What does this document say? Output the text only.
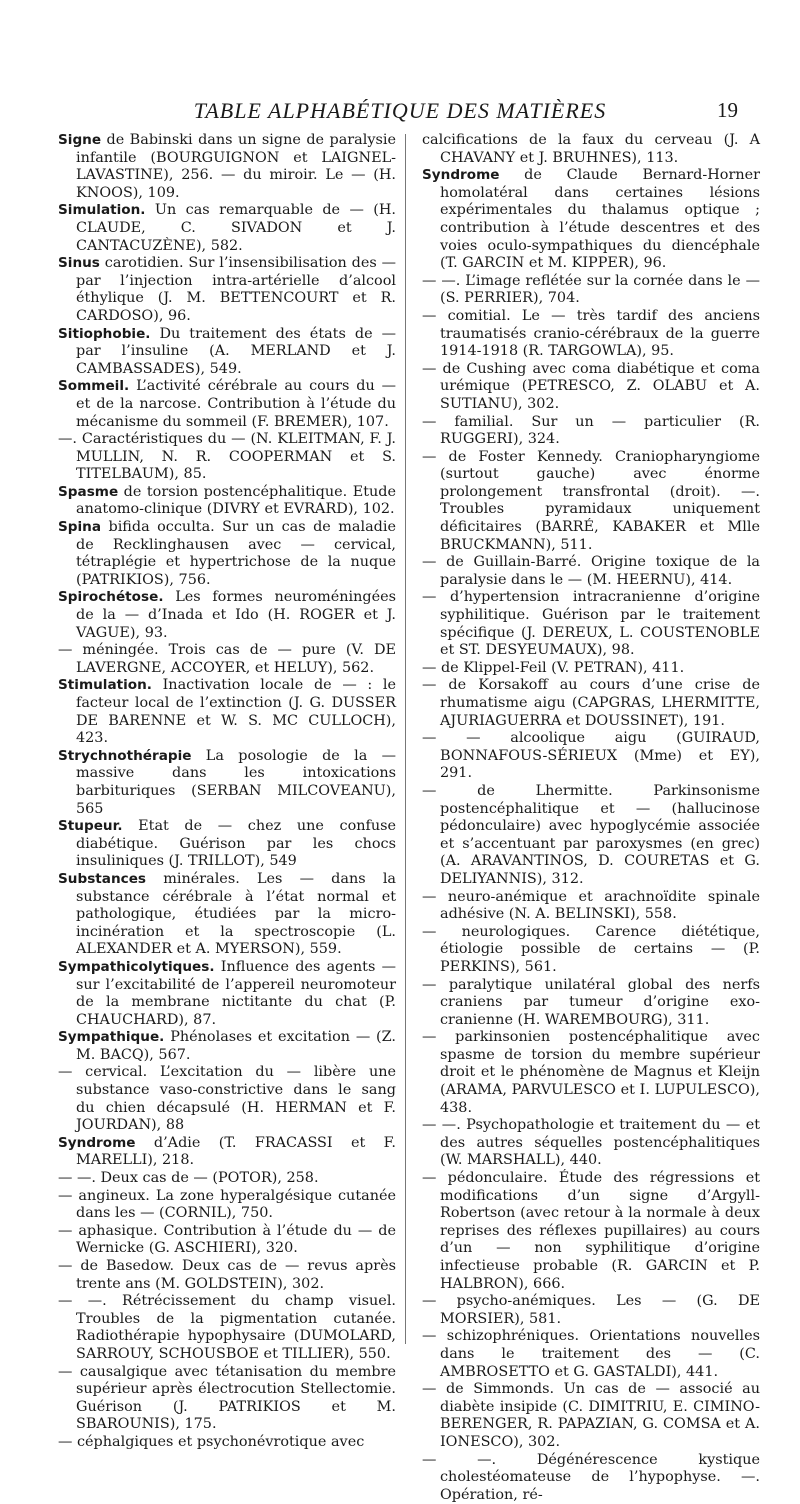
TABLE ALPHABÉTIQUE DES MATIÈRES	19

Signe de Babinski dans un signe de paralysie infantile (BOURGUIGNON et LAIGNEL-LAVASTINE), 256. — du miroir. Le — (H. KNOOS), 109.

Simulation. Un cas remarquable de — (H. CLAUDE, C. SIVADON et J. CANTACUZÈNE), 582.

Sinus carotidien. Sur l’insensibilisation des — par l’injection intra-artérielle d’alcool éthylique (J. M. BETTENCOURT et R. CARDOSO), 96.

Sitiophobie. Du traitement des états de — par l’insuline (A. MERLAND et J. CAMBASSADES), 549.

Sommeil. L’activité cérébrale au cours du — et de la narcose. Contribution à l’étude du mécanisme du sommeil (F. BREMER), 107.

—. Caractéristiques du — (N. KLEITMAN, F. J. MULLIN, N. R. COOPERMAN et S. TITELBAUM), 85.

Spasme de torsion postencéphalitique. Etude anatomo-clinique (DIVRY et EVRARD), 102.

Spina bifida occulta. Sur un cas de maladie de Recklinghausen avec — cervical, tétraplégie et hypertrichose de la nuque (PATRIKIOS), 756.

Spirochétose. Les formes neuroméningées de la — d’Inada et Ido (H. ROGER et J. VAGUE), 93.

— méningée. Trois cas de — pure (V. DE LAVERGNE, ACCOYER, et HELUY), 562.

Stimulation. Inactivation locale de — : le facteur local de l’extinction (J. G. DUSSER DE BARENNE et W. S. MC CULLOCH), 423.

Strychnothérapie La posologie de la — massive dans les intoxications barbituriques (SERBAN MILCOVEANU), 565

Stupeur. Etat de — chez une confuse diabétique. Guérison par les chocs insuliniques (J. TRILLOT), 549

Substances minérales. Les — dans la substance cérébrale à l’état normal et pathologique, étudiées par la micro-incinération et la spectroscopie (L. ALEXANDER et A. MYERSON), 559.

Sympathicolytiques. Influence des agents — sur l’excitabilité de l’appereil neuromoteur de la membrane nictitante du chat (P. CHAUCHARD), 87.

Sympathique. Phénolases et excitation — (Z. M. BACQ), 567.

— cervical. L’excitation du — libère une substance vaso-constrictive dans le sang du chien décapsulé (H. HERMAN et F. JOURDAN), 88

Syndrome d’Adie (T. FRACASSI et F. MARELLI), 218.

— —. Deux cas de — (POTOR), 258.

— angineux. La zone hyperalgésique cutanée dans les — (CORNIL), 750.

— aphasique. Contribution à l’étude du — de Wernicke (G. ASCHIERI), 320.

— de Basedow. Deux cas de — revus après trente ans (M. GOLDSTEIN), 302.

— —. Rétrécissement du champ visuel. Troubles de la pigmentation cutanée. Radiothérapie hypophysaire (DUMOLARD, SARROUY, SCHOUSBOE et TILLIER), 550.

— causalgique avec tétanisation du membre supérieur après électrocution Stellectomie. Guérison (J. PATRIKIOS et M. SBAROUNIS), 175.

— céphalgiques et psychonévrotique avec

calcifications de la faux du cerveau (J. A CHAVANY et J. BRUHNES), 113.

Syndrome de Claude Bernard-Horner homolatéral dans certaines lésions expérimentales du thalamus optique ; contribution à l’étude descentres et des voies oculo-sympathiques du diencéphale (T. GARCIN et M. KIPPER), 96.

— —. L’image reflétée sur la cornée dans le — (S. PERRIER), 704.

— comitial. Le — très tardif des anciens traumatisés cranio-cérébraux de la guerre 1914-1918 (R. TARGOWLA), 95.

— de Cushing avec coma diabétique et coma urémique (PETRESCO, Z. OLABU et A. SUTIANU), 302.

— familial. Sur un — particulier (R. RUGGERI), 324.

— de Foster Kennedy. Craniopharyngiome (surtout gauche) avec énorme prolongement transfrontal (droit). —. Troubles pyramidaux uniquement déficitaires (BARRÉ, KABAKER et Mlle BRUCKMANN), 511.

— de Guillain-Barré. Origine toxique de la paralysie dans le — (M. HEERNU), 414.

— d’hypertension intracranienne d’origine syphilitique. Guérison par le traitement spécifique (J. DEREUX, L. COUSTENOBLE et ST. DESYEUMAUX), 98.

— de Klippel-Feil (V. PETRAN), 411.

— de Korsakoff au cours d’une crise de rhumatisme aigu (CAPGRAS, LHERMITTE, AJURIAGUERRA et DOUSSINET), 191.

— — alcoolique aigu (GUIRAUD, BONNAFOUS-SÉRIEUX (Mme) et EY), 291.

— de Lhermitte. Parkinsonisme postencéphalitique et — (hallucinose pédonculaire) avec hypoglycémie associée et s’accentuant par paroxysmes (en grec) (A. ARAVANTINOS, D. COURETAS et G. DELIYANNIS), 312.

— neuro-anémique et arachnoïdite spinale adhésive (N. A. BELINSKI), 558.

— neurologiques. Carence diététique, étiologie possible de certains — (P. PERKINS), 561.

— paralytique unilatéral global des nerfs craniens par tumeur d’origine exo-cranienne (H. WAREMBOURG), 311.

— parkinsonien postencéphalitique avec spasme de torsion du membre supérieur droit et le phénomène de Magnus et Kleijn (ARAMA, PARVULESCO et I. LUPULESCO), 438.

— —. Psychopathologie et traitement du — et des autres séquelles postencéphalitiques (W. MARSHALL), 440.

— pédonculaire. Étude des régressions et modifications d’un signe d’Argyll-Robertson (avec retour à la normale à deux reprises des réflexes pupillaires) au cours d’un — non syphilitique d’origine infectieuse probable (R. GARCIN et P. HALBRON), 666.

— psycho-anémiques. Les — (G. DE MORSIER), 581.

— schizophréniques. Orientations nouvelles dans le traitement des — (C. AMBROSETTO et G. GASTALDI), 441.

— de Simmonds. Un cas de — associé au diabète insipide (C. DIMITRIU, E. CIMINO-BERENGER, R. PAPAZIAN, G. COMSA et A. IONESCO), 302.

— —. Dégénérescence kystique cholestéomateuse de l’hypophyse. —. Opération, ré-
